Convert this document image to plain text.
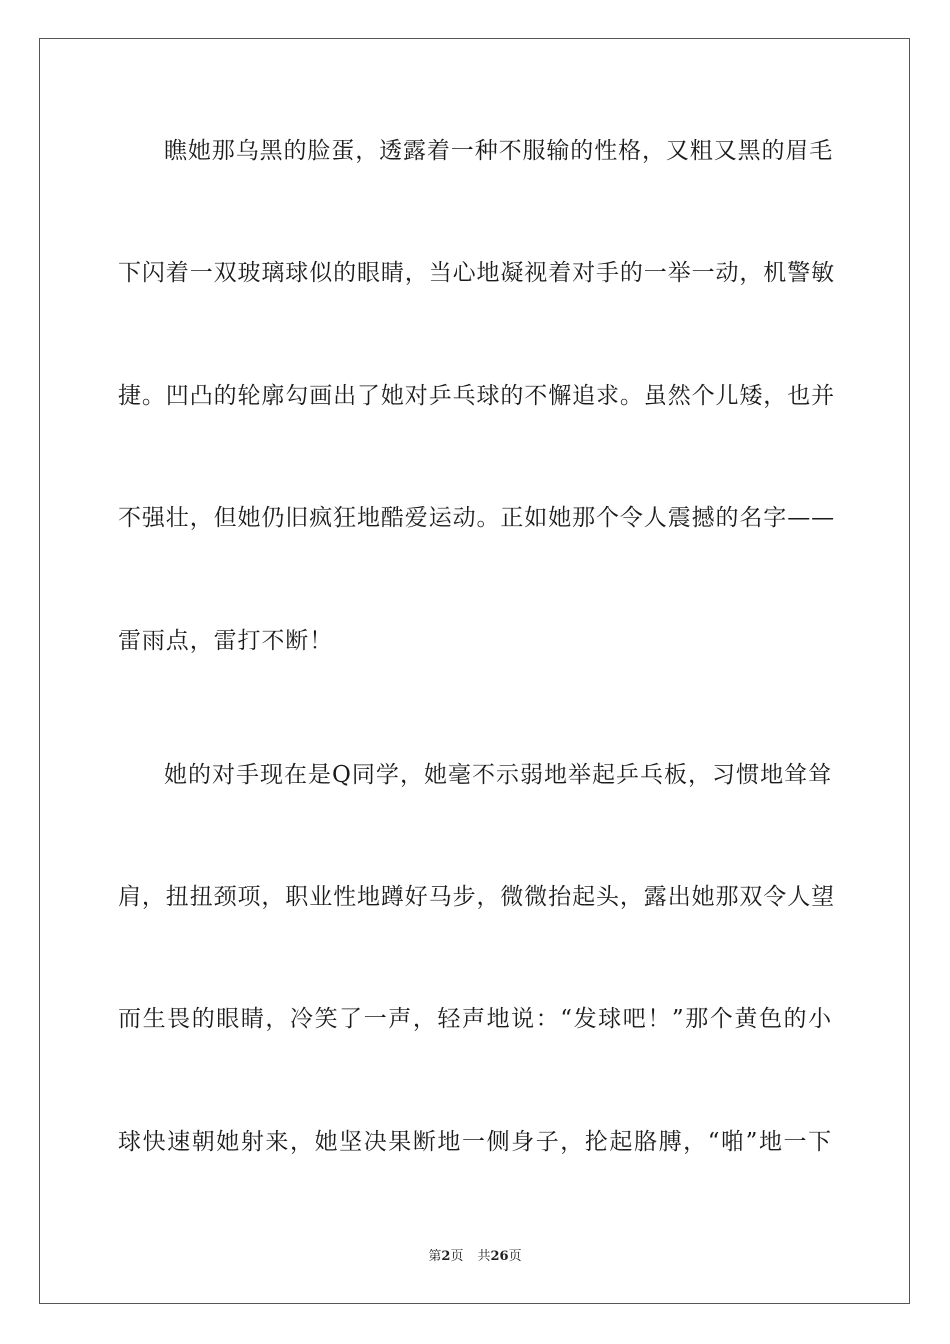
瞧她那乌黑的脸蛋，透露着一种不服输的性格，又粗又黑的眉毛
下闪着一双玻璃球似的眼睛，当心地凝视着对手的一举一动，机警敏
捷。凹凸的轮廓勾画出了她对乒乓球的不懈追求。虽然个儿矮，也并
不强壮，但她仍旧疯狂地酷爱运动。正如她那个令人震撼的名字——
雷雨点，雷打不断！
她的对手现在是Q同学，她毫不示弱地举起乒乓板，习惯地耸耸
肩，扭扭颈项，职业性地蹲好马步，微微抬起头，露出她那双令人望
而生畏的眼睛，冷笑了一声，轻声地说：“发球吧！”那个黄色的小
球快速朝她射来，她坚决果断地一侧身子，抡起胳膊，“啪”地一下
第2页 共26页
